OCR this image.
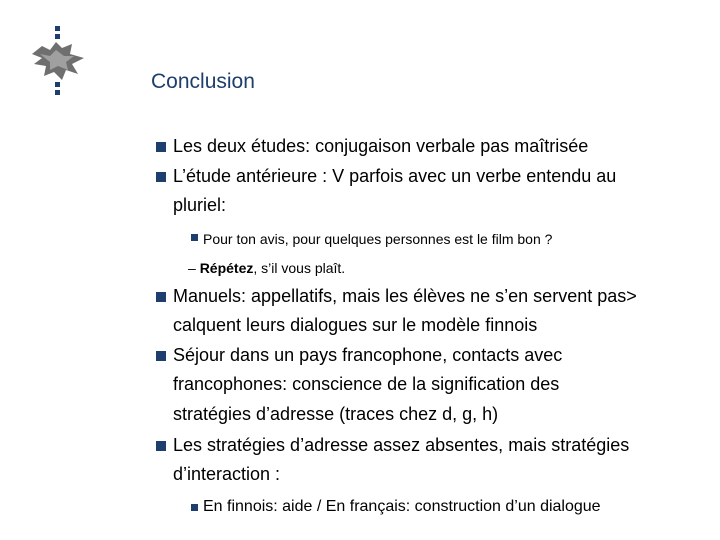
Conclusion
Les deux études: conjugaison verbale pas maîtrisée
L’étude antérieure : V parfois avec un verbe entendu au
pluriel:
Pour ton avis, pour quelques personnes est le film bon ?
– Répétez, s’il vous plaît.
Manuels: appellatifs, mais les élèves ne s’en servent pas>
calquent leurs dialogues sur le modèle finnois
Séjour dans un pays francophone, contacts avec
francophones: conscience de la signification des
stratégies d’adresse (traces chez d, g, h)
Les stratégies d’adresse assez absentes, mais stratégies
d’interaction :
En finnois: aide / En français: construction d’un dialogue
